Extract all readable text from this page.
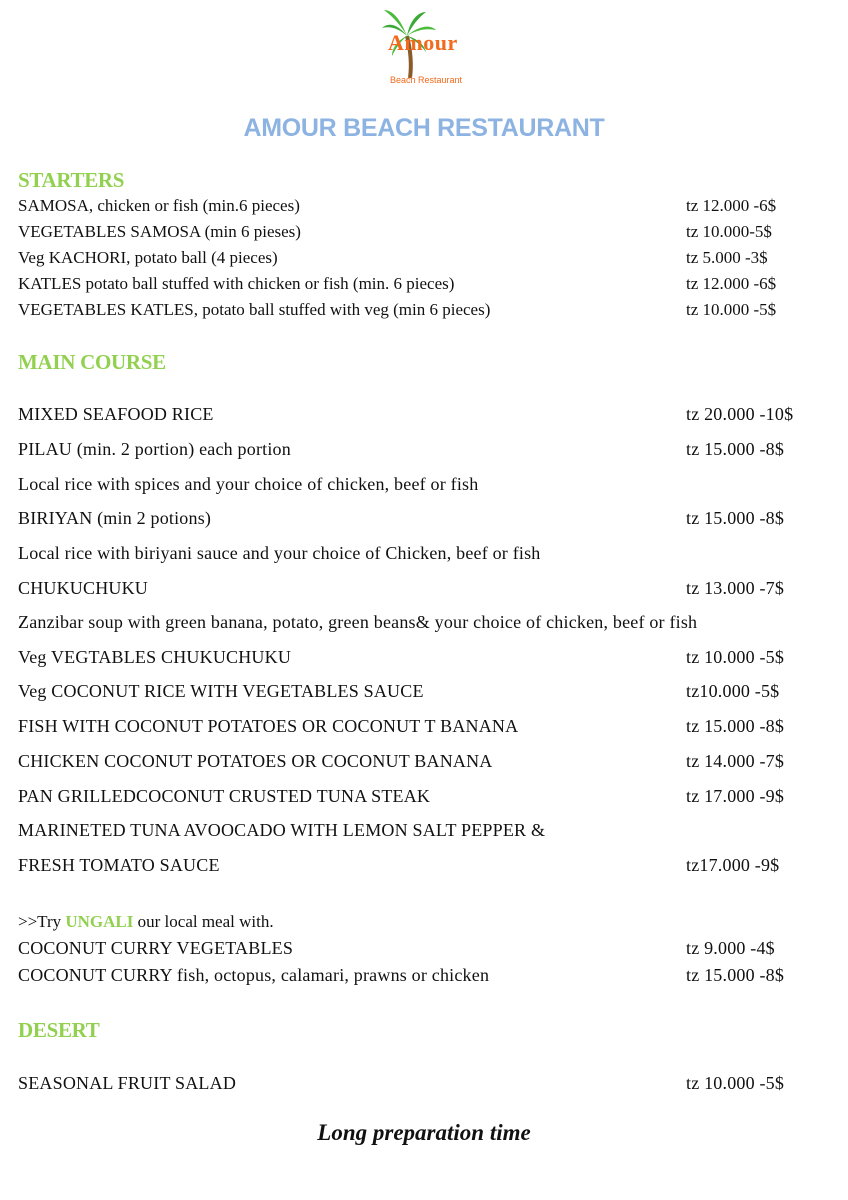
Amour
Beach Restaurant
AMOUR BEACH RESTAURANT
STARTERS
SAMOSA, chicken or fish (min.6 pieces)	tz 12.000 -6$
VEGETABLES SAMOSA (min 6 pieses)	tz 10.000-5$
Veg KACHORI, potato ball (4 pieces)	tz 5.000 -3$
KATLES potato ball stuffed with chicken or fish (min. 6 pieces)	tz 12.000 -6$
VEGETABLES KATLES, potato ball stuffed with veg (min 6 pieces)	tz 10.000 -5$
MAIN COURSE
MIXED SEAFOOD RICE	tz 20.000 -10$
PILAU (min. 2 portion) each portion	tz 15.000 -8$
Local rice with spices and your choice of chicken, beef or fish
BIRIYAN (min 2 potions)	tz 15.000 -8$
Local rice with biriyani sauce and your choice of Chicken, beef or fish
CHUKUCHUKU	tz 13.000 -7$
Zanzibar soup with green banana, potato, green beans& your choice of chicken, beef or fish
Veg VEGTABLES CHUKUCHUKU	tz 10.000 -5$
Veg COCONUT RICE WITH VEGETABLES SAUCE	tz10.000 -5$
FISH WITH COCONUT POTATOES OR COCONUT T BANANA	tz 15.000 -8$
CHICKEN COCONUT POTATOES OR COCONUT BANANA	tz 14.000 -7$
PAN GRILLEDCOCONUT CRUSTED TUNA STEAK	tz 17.000 -9$
MARINETED TUNA AVOOCADO WITH LEMON SALT PEPPER &
FRESH TOMATO SAUCE	tz17.000 -9$
>>Try UNGALI our local meal with.
COCONUT CURRY VEGETABLES	tz 9.000 -4$
COCONUT CURRY fish, octopus, calamari, prawns or chicken	tz 15.000 -8$
DESERT
SEASONAL FRUIT SALAD	tz 10.000 -5$
Long preparation time
